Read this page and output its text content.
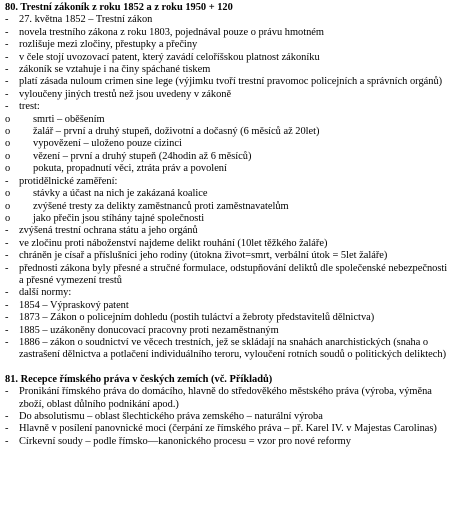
80. Trestní zákoník z roku 1852 a z roku 1950 + 120

-	27. května 1852 – Trestní zákon
-	novela trestního zákona z roku 1803, pojednával pouze o právu hmotném
-	rozlišuje mezi zločiny, přestupky a přečiny
-	v čele stojí uvozovací patent, který zavádí celoříšskou platnost zákoníku
-	zákoník se vztahuje i na činy spáchané tiskem
-	platí zásada nuloum crimen sine lege (výjimku tvoří trestní pravomoc policejních a správních orgánů)
-	vyloučeny jiných trestů než jsou uvedeny v zákoně
-	trest:
o	smrti – oběšením
o	žalář – první a druhý stupeň, doživotní a dočasný (6 měsíců až 20let)
o	vypovězení – uloženo pouze cizinci
o	vězení – první a druhý stupeň (24hodin až 6 měsíců)
o	pokuta, propadnutí věci, ztráta práv a povolení
-	protidělnické zaměření:
o	stávky a účast na nich je zakázaná koalice
o	zvýšené tresty za delikty zaměstnanců proti zaměstnavatelům
o	jako přečin jsou stíhány tajné společnosti
-	zvýšená trestní ochrana státu a jeho orgánů
-	ve zločinu proti náboženství najdeme delikt rouhání (10let těžkého žaláře)
-	chráněn je císař a příslušníci jeho rodiny (útokna život=smrt, verbální útok = 5let žaláře)
-	přednosti zákona byly přesné a stručné formulace, odstupňování deliktů dle společenské nebezpečnosti a přesné vymezení trestů
-	další normy:
-	1854 – Výpraskový patent
-	1873 – Zákon o policejním dohledu (postih tuláctví a žebroty představitelů dělnictva)
-	1885 – uzákoněny donucovací pracovny proti nezaměstnaným
-	1886 – zákon o soudnictví ve věcech trestních, jež se skládají na snahách anarchistických (snaha o zastrašení dělnictva a potlačení individuálního teroru, vyloučení rotních soudů o politických deliktech)

81. Recepce římského práva v českých zemích (vč. Příkladů)

-	Pronikání římského práva do domácího, hlavně do středověkého městského práva (výroba, výměna zboží, oblast důlního podnikání apod.)
-	Do absolutismu – oblast šlechtického práva zemského – naturální výroba
-	Hlavně v posílení panovnické moci (čerpání ze římského práva – př. Karel IV. v Majestas Carolinas)
-	Církevní soudy – podle římsko—kanonického procesu = vzor pro nové reformy
